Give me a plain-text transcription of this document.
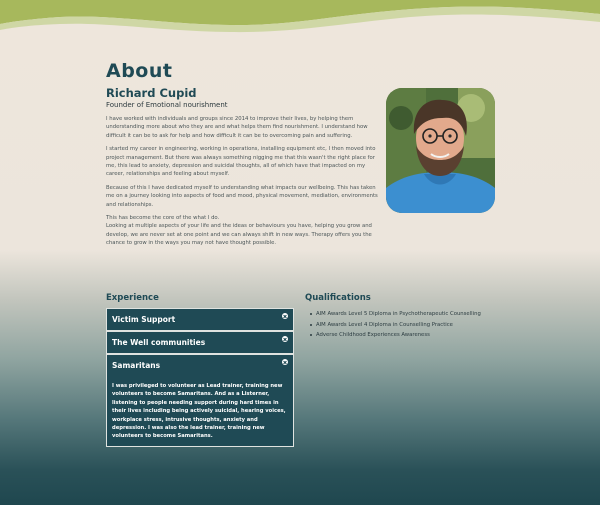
About
Richard Cupid
Founder of Emotional nourishment

I have worked with individuals and groups since 2014 to improve their lives, by helping them understanding more about who they are and what helps them find nourishment. I understand how difficult it can be to ask for help and how difficult it can be to overcoming pain and suffering.

I started my career in engineering, working in operations, installing equipment etc, I then moved into project management. But there was always something nigging me that this wasn't the right place for me, this lead to anxiety, depression and suicidal thoughts, all of which have that impacted on my career, relationships and feeling about myself.

Because of this I have dedicated myself to understanding what impacts our wellbeing. This has taken me on a journey looking into aspects of food and mood, physical movement, mediation, environments and relationships.

This has become the core of the what I do.

Looking at multiple aspects of your life and the ideas or behaviours you have, helping you grow and develop, we are never set at one point and we can always shift in new ways. Therapy offers you the chance to grow in the ways you may not have thought possible.

Experience	Qualifications
Victim Support
The Well communities
Samaritans
I was privileged to volunteer as Lead trainer, training new volunteers to become Samaritans. And as a Listerner, listening to people needing support during hard times in their lives including being actively suicidal, hearing voices, workplace stress, intrusive thoughts, anxiety and depression. I was also the lead trainer, training new volunteers to become Samaritans.
AIM Awards Level 5 Diploma in Psychotherapeutic Counselling
AIM Awards Level 4 Diploma in Counselling Practice
Adverse Childhood Experiences Awareness
